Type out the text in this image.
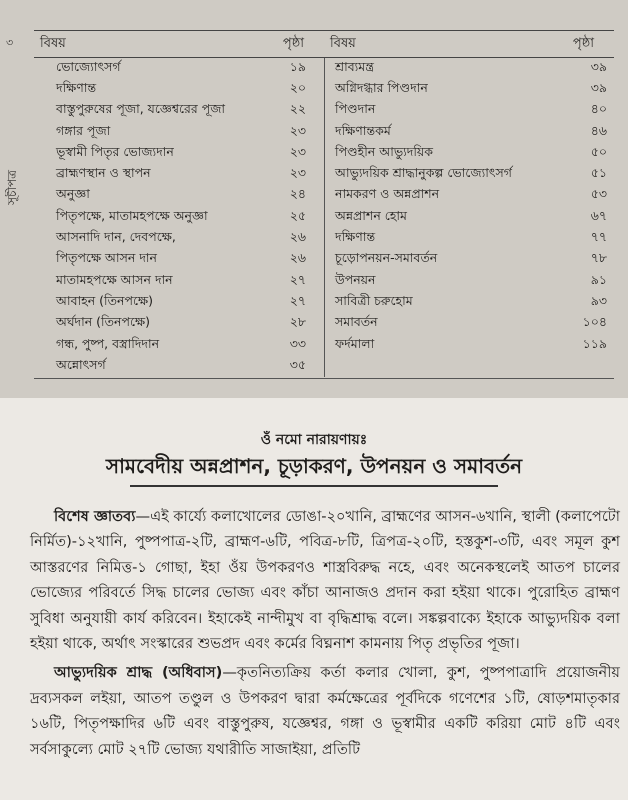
৩
সূচীপত্র
বিষয়	পৃষ্ঠা	বিষয়	পৃষ্ঠা
ভোজ্যোৎসর্গ	১৯
দক্ষিণান্ত	২০
বাস্তুপুরুষের পূজা, যজ্ঞেশ্বরের পূজা	২২
গঙ্গার পূজা	২৩
ভূস্বামী পিতৃর ভোজ্যদান	২৩
ব্রাহ্মণস্থান ও স্থাপন	২৩
অনুজ্ঞা	২৪
পিতৃপক্ষে, মাতামহপক্ষে অনুজ্ঞা	২৫
আসনাদি দান, দেবপক্ষে,	২৬
পিতৃপক্ষে আসন দান	২৬
মাতামহপক্ষে আসন দান	২৭
আবাহন (তিনপক্ষে)	২৭
অর্ঘদান (তিনপক্ষে)	২৮
গন্ধ, পুষ্প, বস্ত্রাদিদান	৩৩
অন্নোৎসর্গ	৩৫
শ্রাব্যমন্ত্র	৩৯
অগ্নিদগ্ধার পিণ্ডদান	৩৯
পিণ্ডদান	৪০
দক্ষিণান্তকর্ম	৪৬
পিণ্ডহীন আভ্যুদয়িক	৫০
আভ্যুদয়িক শ্রাদ্ধানুকল্প ভোজ্যোৎসর্গ	৫১
নামকরণ ও অন্নপ্রাশন	৫৩
অন্নপ্রাশন হোম	৬৭
দক্ষিণান্ত	৭৭
চূড়োপনয়ন-সমাবর্তন	৭৮
উপনয়ন	৯১
সাবিত্রী চরুহোম	৯৩
সমাবর্তন	১০৪
ফর্দমালা	১১৯
ওঁ নমো নারায়ণায়ঃ
সামবেদীয় অন্নপ্রাশন, চূড়াকরণ, উপনয়ন ও সমাবর্তন

বিশেষ জ্ঞাতব্য—এই কার্য্যে কলাখোলের ডোঙা-২০খানি, ব্রাহ্মণের আসন-৬খানি, স্থালী (কলাপেটো নির্মিত)-১২খানি, পুষ্পপাত্র-২টি, ব্রাহ্মণ-৬টি, পবিত্র-৮টি, ত্রিপত্র-২০টি, হস্তকুশ-৩টি, এবং সমূল কুশ আস্তরণের নিমিত্ত-১ গোছা, ইহা ওঁয় উপকরণও শাস্ত্রবিরুদ্ধ নহে, এবং অনেকস্থলেই আতপ চালের ভোজ্যের পরিবর্তে সিদ্ধ চালের ভোজ্য এবং কাঁচা আনাজও প্রদান করা হইয়া থাকে। পুরোহিত ব্রাহ্মণ সুবিধা অনুযায়ী কার্য করিবেন। ইহাকেই নান্দীমুখ বা বৃদ্ধিশ্রাদ্ধ বলে। সঙ্কল্পবাক্যে ইহাকে আভ্যুদয়িক বলা হইয়া থাকে, অর্থাৎ সংস্কারের শুভপ্রদ এবং কর্মের বিঘ্ননাশ কামনায় পিতৃ প্রভৃতির পূজা।

আভ্যুদয়িক শ্রাদ্ধ (অধিবাস)—কৃতনিত্যক্রিয় কর্তা কলার খোলা, কুশ, পুষ্পপাত্রাদি প্রয়োজনীয় দ্রব্যসকল লইয়া, আতপ তণ্ডুল ও উপকরণ দ্বারা কর্মক্ষেত্রের পূর্বদিকে গণেশের ১টি, ষোড়শমাতৃকার ১৬টি, পিতৃপক্ষাদির ৬টি এবং বাস্তুপুরুষ, যজ্ঞেশ্বর, গঙ্গা ও ভূস্বামীর একটি করিয়া মোট ৪টি এবং সর্বসাকুল্যে মোট ২৭টি ভোজ্য যথারীতি সাজাইয়া, প্রতিটি
